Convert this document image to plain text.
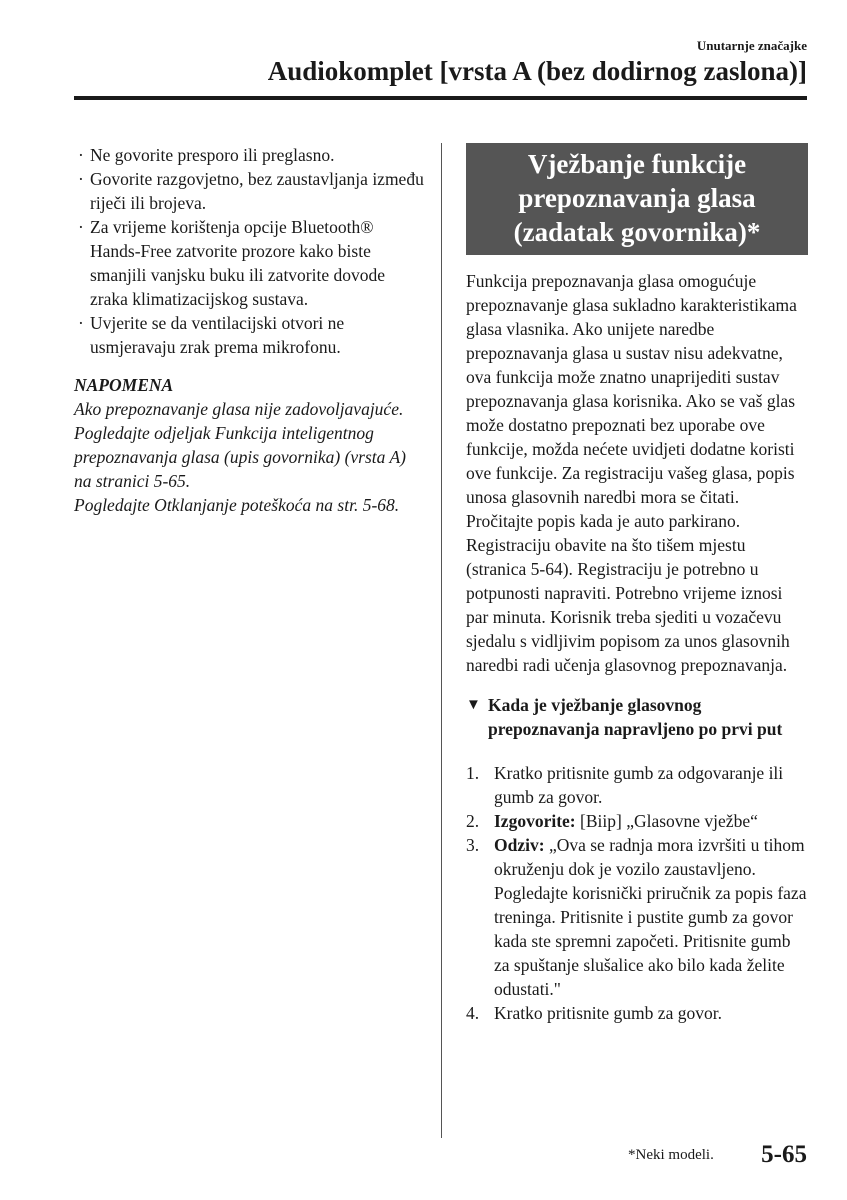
Unutarnje značajke
Audiokomplet [vrsta A (bez dodirnog zaslona)]
· Ne govorite presporo ili preglasno.
· Govorite razgovjetno, bez zaustavljanja između riječi ili brojeva.
· Za vrijeme korištenja opcije Bluetooth® Hands-Free zatvorite prozore kako biste smanjili vanjsku buku ili zatvorite dovode zraka klimatizacijskog sustava.
· Uvjerite se da ventilacijski otvori ne usmjeravaju zrak prema mikrofonu.

NAPOMENA

Ako prepoznavanje glasa nije zadovoljavajuće.

Pogledajte odjeljak Funkcija inteligentnog prepoznavanja glasa (upis govornika) (vrsta A) na stranici 5-65.

Pogledajte Otklanjanje poteškoća na str. 5-68.

Vježbanje funkcije prepoznavanja glasa (zadatak govornika)*

Funkcija prepoznavanja glasa omogućuje prepoznavanje glasa sukladno karakteristikama glasa vlasnika. Ako unijete naredbe prepoznavanja glasa u sustav nisu adekvatne, ova funkcija može znatno unaprijediti sustav prepoznavanja glasa korisnika. Ako se vaš glas može dostatno prepoznati bez uporabe ove funkcije, možda nećete uvidjeti dodatne koristi ove funkcije. Za registraciju vašeg glasa, popis unosa glasovnih naredbi mora se čitati. Pročitajte popis kada je auto parkirano. Registraciju obavite na što tišem mjestu (stranica 5-64). Registraciju je potrebno u potpunosti napraviti. Potrebno vrijeme iznosi par minuta. Korisnik treba sjediti u vozačevu sjedalu s vidljivim popisom za unos glasovnih naredbi radi učenja glasovnog prepoznavanja.

▼ Kada je vježbanje glasovnog prepoznavanja napravljeno po prvi put
1. Kratko pritisnite gumb za odgovaranje ili gumb za govor.
2. Izgovorite: [Biip] „Glasovne vježbe“
3. Odziv: „Ova se radnja mora izvršiti u tihom okruženju dok je vozilo zaustavljeno. Pogledajte korisnički priručnik za popis faza treninga. Pritisnite i pustite gumb za govor kada ste spremni započeti. Pritisnite gumb za spuštanje slušalice ako bilo kada želite odustati."
4. Kratko pritisnite gumb za govor.
*Neki modeli. 5-65
